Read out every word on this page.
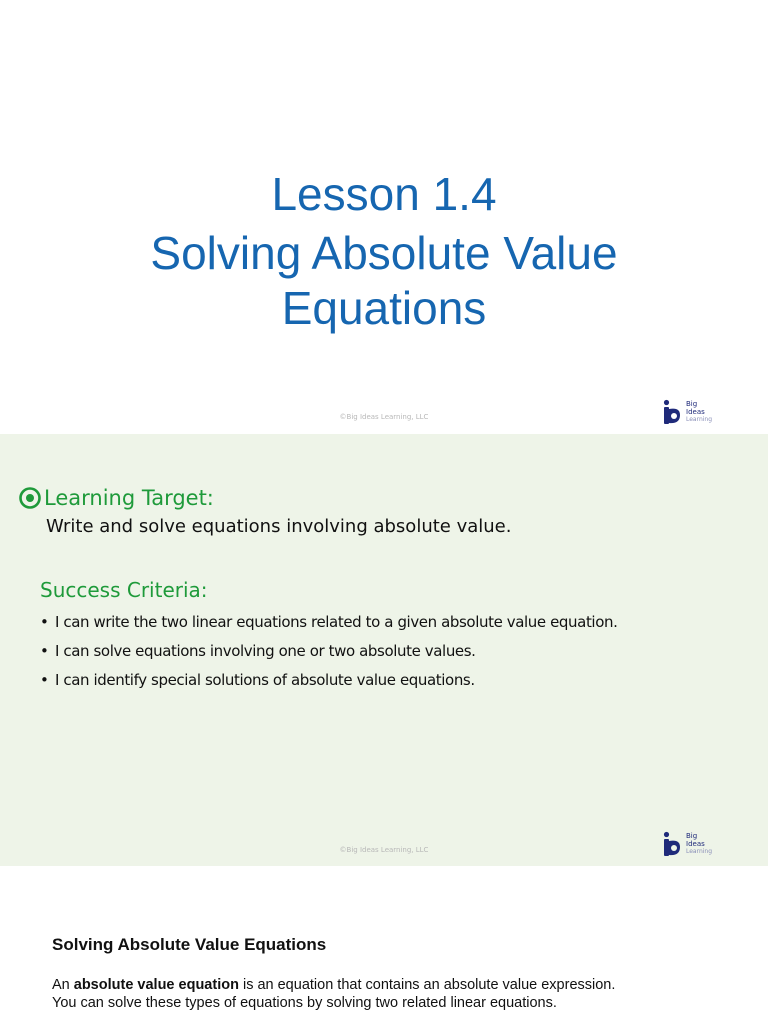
Lesson 1.4
Solving Absolute Value
Equations
©Big Ideas Learning, LLC
Big
Ideas
Learning
Learning Target:
Write and solve equations involving absolute value.
Success Criteria:
• I can write the two linear equations related to a given absolute value equation.
• I can solve equations involving one or two absolute values.
• I can identify special solutions of absolute value equations.
©Big Ideas Learning, LLC
Big
Ideas
Learning
Solving Absolute Value Equations
An absolute value equation is an equation that contains an absolute value expression.
You can solve these types of equations by solving two related linear equations.
